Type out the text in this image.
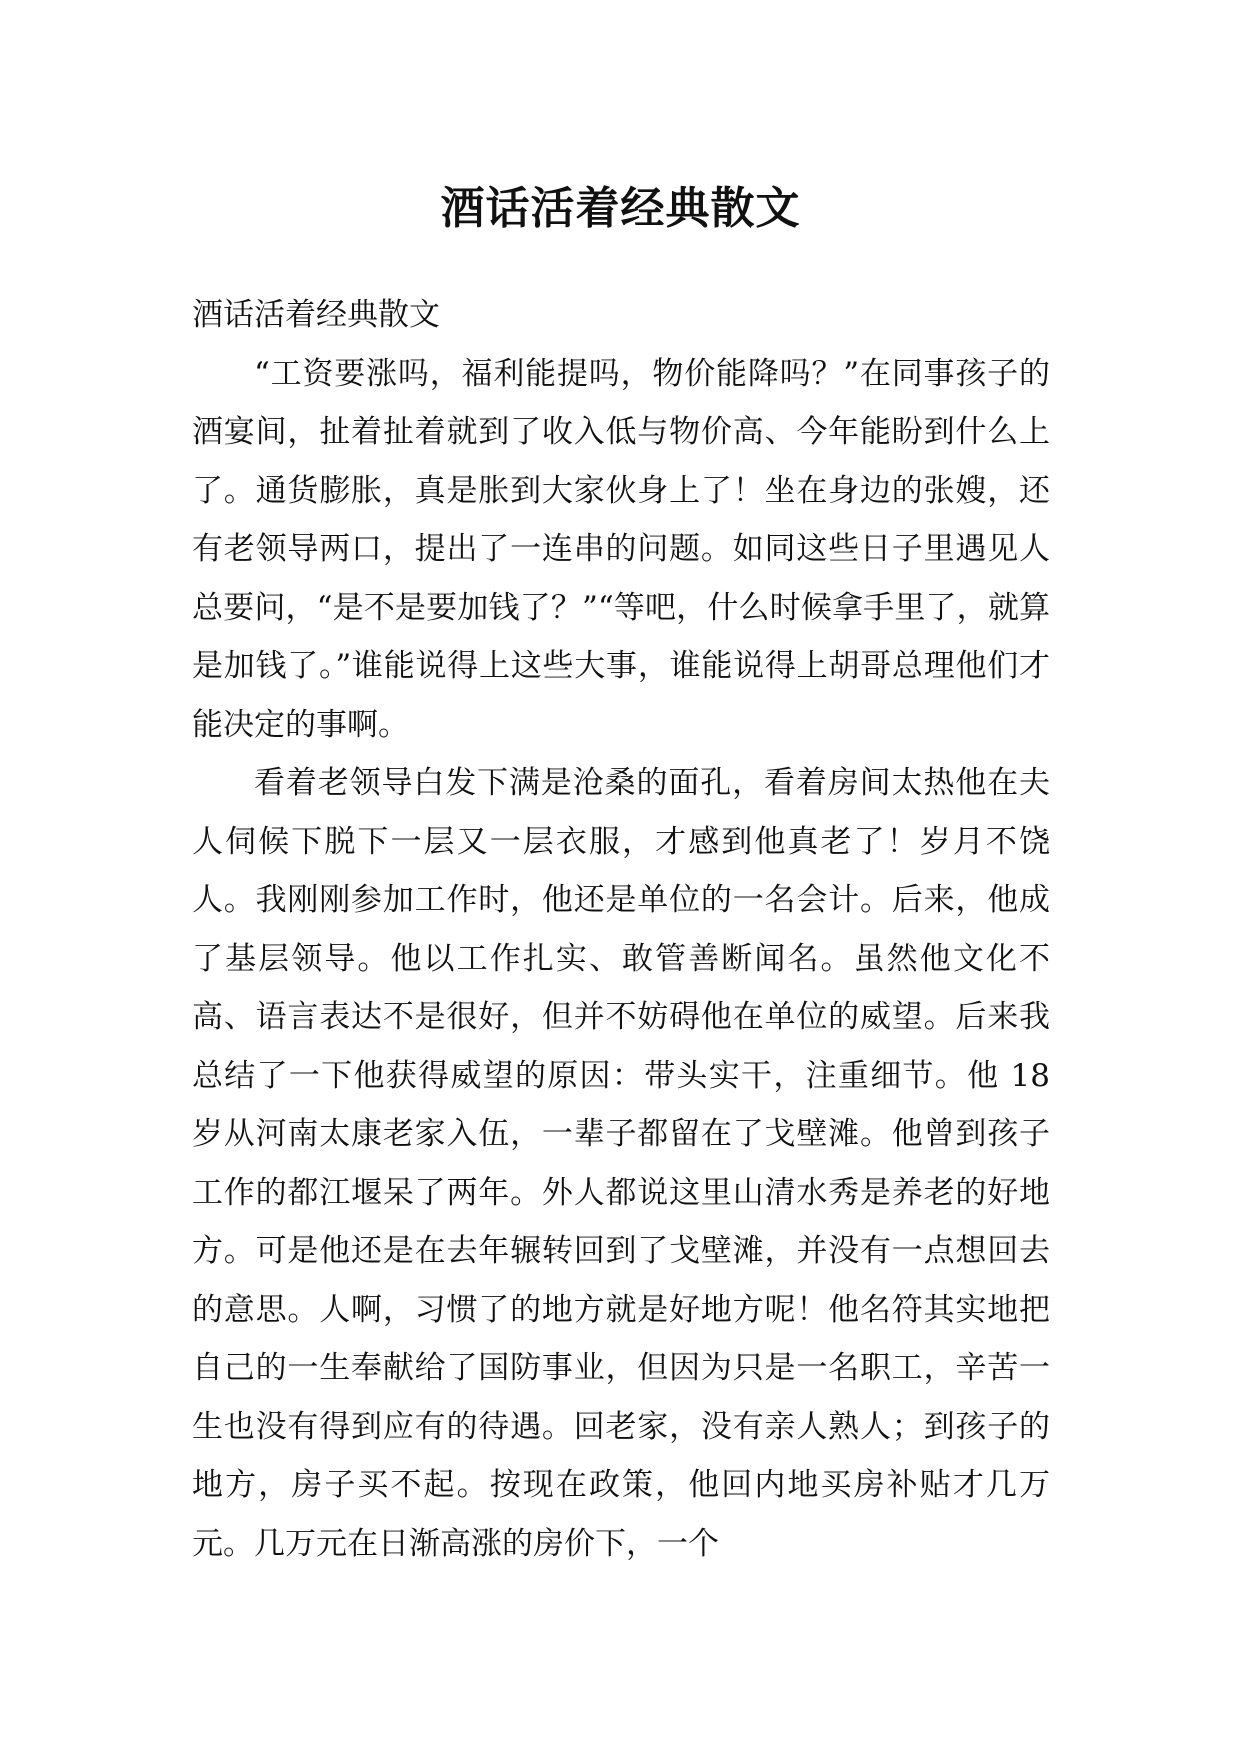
酒话活着经典散文

酒话活着经典散文

“工资要涨吗，福利能提吗，物价能降吗？”在同事孩子的酒宴间，扯着扯着就到了收入低与物价高、今年能盼到什么上了。通货膨胀，真是胀到大家伙身上了！坐在身边的张嫂，还有老领导两口，提出了一连串的问题。如同这些日子里遇见人总要问，“是不是要加钱了？”“等吧，什么时候拿手里了，就算是加钱了。”谁能说得上这些大事，谁能说得上胡哥总理他们才能决定的事啊。

看着老领导白发下满是沧桑的面孔，看着房间太热他在夫人伺候下脱下一层又一层衣服，才感到他真老了！岁月不饶人。我刚刚参加工作时，他还是单位的一名会计。后来，他成了基层领导。他以工作扎实、敢管善断闻名。虽然他文化不高、语言表达不是很好，但并不妨碍他在单位的威望。后来我总结了一下他获得威望的原因：带头实干，注重细节。他 18 岁从河南太康老家入伍，一辈子都留在了戈壁滩。他曾到孩子工作的都江堰呆了两年。外人都说这里山清水秀是养老的好地方。可是他还是在去年辗转回到了戈壁滩，并没有一点想回去的意思。人啊，习惯了的地方就是好地方呢！他名符其实地把自己的一生奉献给了国防事业，但因为只是一名职工，辛苦一生也没有得到应有的待遇。回老家，没有亲人熟人；到孩子的地方，房子买不起。按现在政策，他回内地买房补贴才几万元。几万元在日渐高涨的房价下，一个
